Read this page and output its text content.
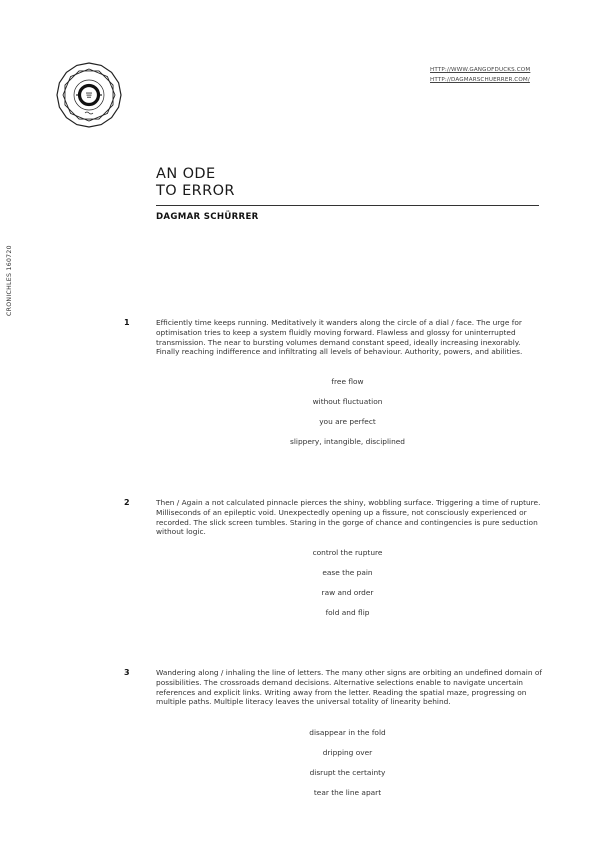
HTTP://WWW.GANGOFDUCKS.COM
HTTP://DAGMARSCHUERRER.COM/
CRONICHLES 160720
AN ODE
TO ERROR
DAGMAR SCHÜRRER
1	Efficiently time keeps running. Meditatively it wanders along the circle of a dial / face. The urge for optimisation tries to keep a system fluidly moving forward. Flawless and glossy for uninterrupted transmission. The near to bursting volumes demand constant speed, ideally increasing inexorably. Finally reaching indifference and infiltrating all levels of behaviour. Authority, powers, and abilities.

free flow

without fluctuation

you are perfect

slippery, intangible, disciplined

2	Then / Again a not calculated pinnacle pierces the shiny, wobbling surface. Triggering a time of rupture. Milliseconds of an epileptic void. Unexpectedly opening up a fissure, not consciously experienced or recorded. The slick screen tumbles. Staring in the gorge of chance and contingencies is pure seduction without logic.

control the rupture

ease the pain

raw and order

fold and flip

3	Wandering along / inhaling the line of letters. The many other signs are orbiting an undefined domain of possibilities. The crossroads demand decisions. Alternative selections enable to navigate uncertain references and explicit links. Writing away from the letter. Reading the spatial maze, progressing on multiple paths. Multiple literacy leaves the universal totality of linearity behind.

disappear in the fold

dripping over

disrupt the certainty

tear the line apart
